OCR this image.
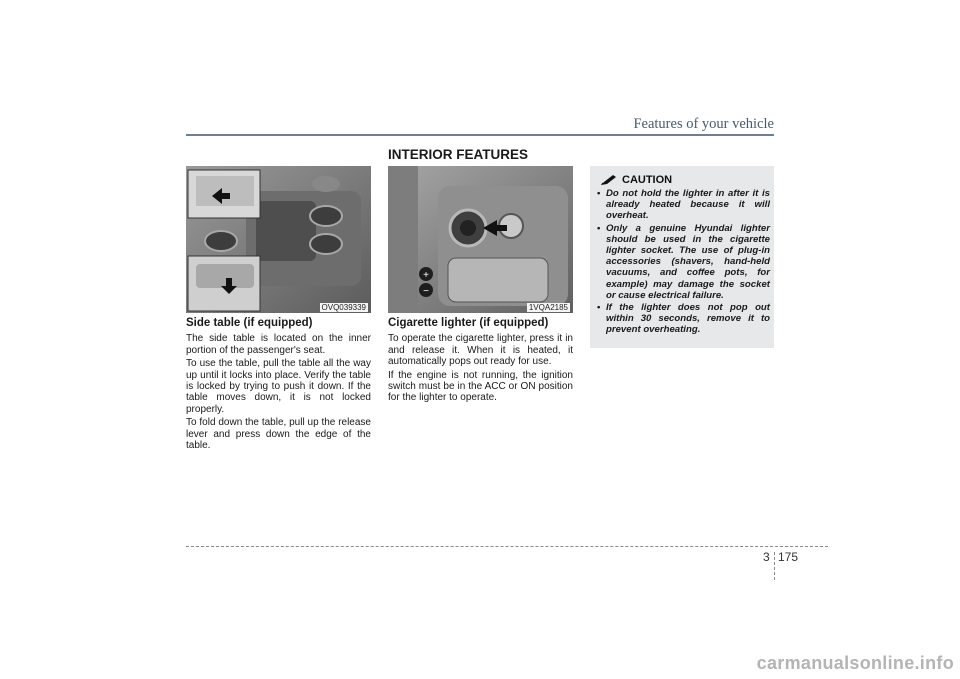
Features of your vehicle
INTERIOR FEATURES
OVQ039339
+
−
1VQA2185
Side table (if equipped)

The side table is located on the inner portion of the passenger's seat.

To use the table, pull the table all the way up until it locks into place. Verify the table is locked by trying to push it down. If the table moves down, it is not locked properly.

To fold down the table, pull up the release lever and press down the edge of the table.

Cigarette lighter (if equipped)

To operate the cigarette lighter, press it in and release it. When it is heated, it automatically pops out ready for use.

If the engine is not running, the ignition switch must be in the ACC or ON position for the lighter to operate.

CAUTION
• Do not hold the lighter in after it is already heated because it will overheat.
• Only a genuine Hyundai lighter should be used in the cigarette lighter socket. The use of plug-in accessories (shavers, hand-held vacuums, and coffee pots, for example) may damage the socket or cause electrical failure.
• If the lighter does not pop out within 30 seconds, remove it to prevent overheating.
3 175
carmanualsonline.info
